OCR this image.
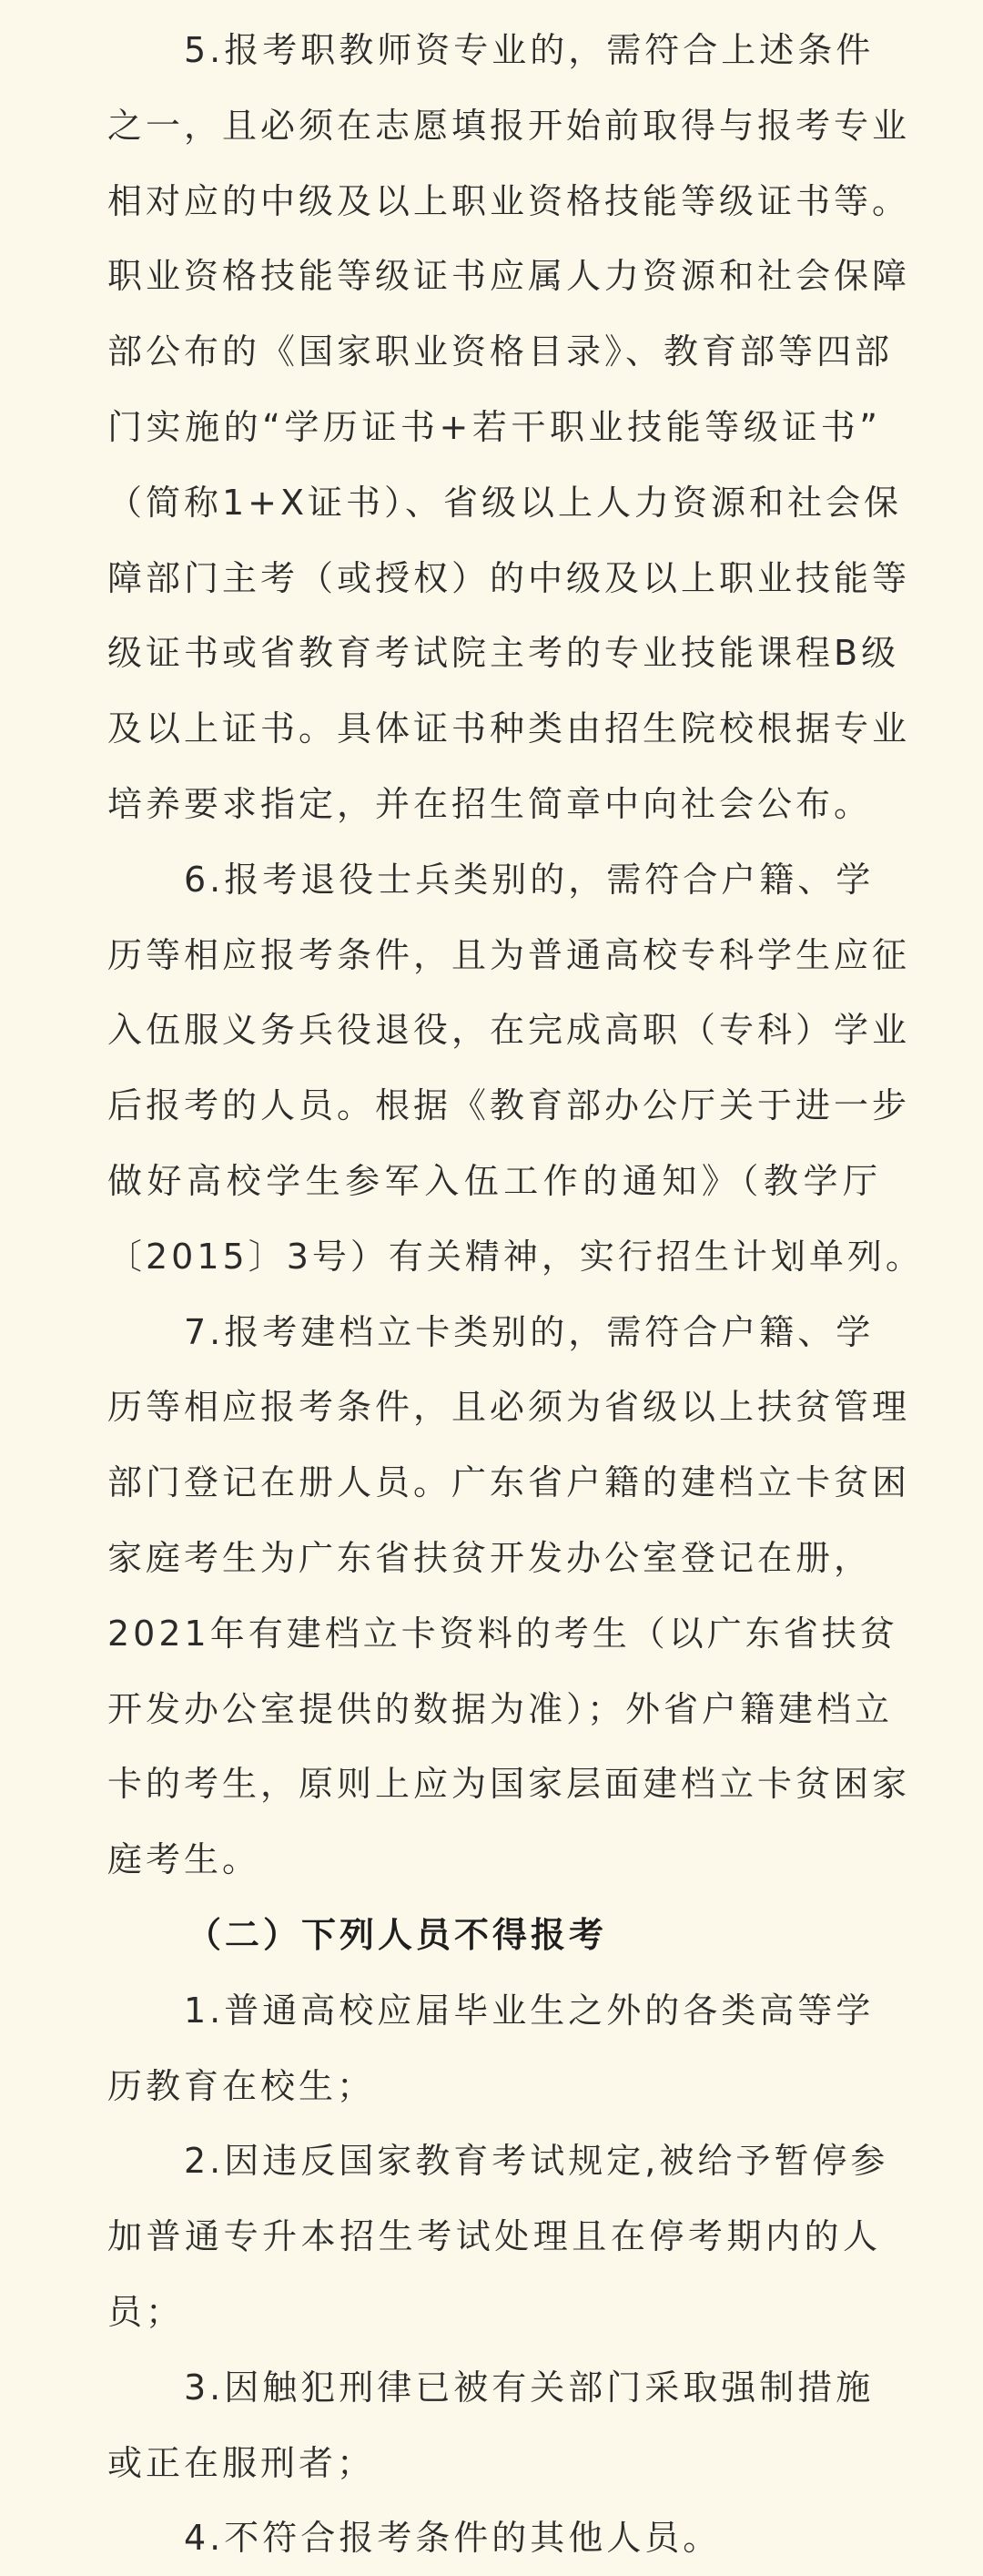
5.报考职教师资专业的，需符合上述条件
之一，且必须在志愿填报开始前取得与报考专业
相对应的中级及以上职业资格技能等级证书等。
职业资格技能等级证书应属人力资源和社会保障
部公布的《国家职业资格目录》、教育部等四部
门实施的“学历证书+若干职业技能等级证书”
（简称1+X证书）、省级以上人力资源和社会保
障部门主考（或授权）的中级及以上职业技能等
级证书或省教育考试院主考的专业技能课程B级
及以上证书。具体证书种类由招生院校根据专业
培养要求指定，并在招生简章中向社会公布。
6.报考退役士兵类别的，需符合户籍、学
历等相应报考条件，且为普通高校专科学生应征
入伍服义务兵役退役，在完成高职（专科）学业
后报考的人员。根据《教育部办公厅关于进一步
做好高校学生参军入伍工作的通知》（教学厅
〔2015〕3号）有关精神，实行招生计划单列。
7.报考建档立卡类别的，需符合户籍、学
历等相应报考条件，且必须为省级以上扶贫管理
部门登记在册人员。广东省户籍的建档立卡贫困
家庭考生为广东省扶贫开发办公室登记在册，
2021年有建档立卡资料的考生（以广东省扶贫
开发办公室提供的数据为准）；外省户籍建档立
卡的考生，原则上应为国家层面建档立卡贫困家
庭考生。
（二）下列人员不得报考
1.普通高校应届毕业生之外的各类高等学
历教育在校生；
2.因违反国家教育考试规定,被给予暂停参
加普通专升本招生考试处理且在停考期内的人
员；
3.因触犯刑律已被有关部门采取强制措施
或正在服刑者；
4.不符合报考条件的其他人员。
